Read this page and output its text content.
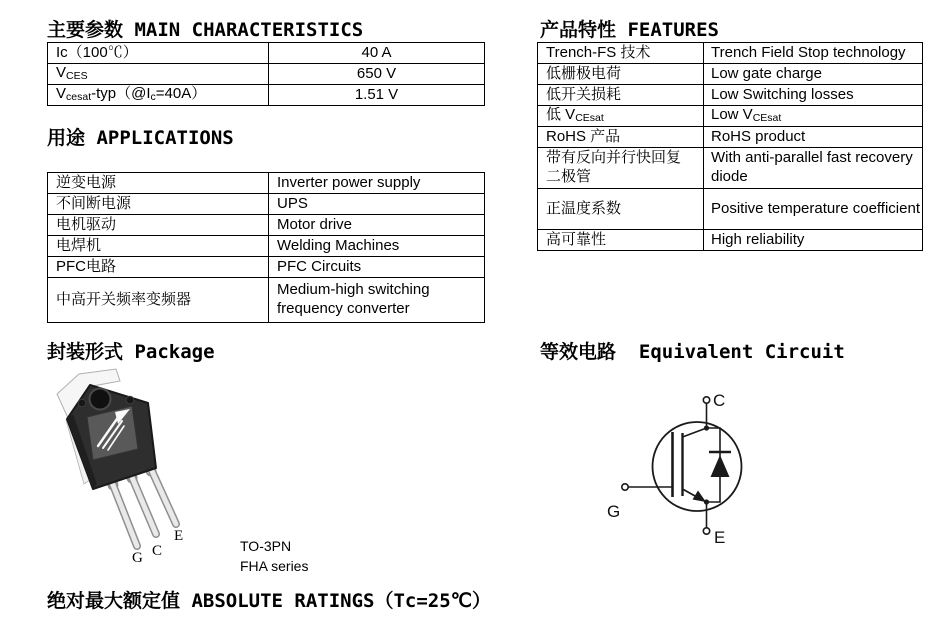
主要参数 MAIN CHARACTERISTICS	产品特性 FEATURES
用途 APPLICATIONS
封装形式 Package	等效电路  Equivalent Circuit
绝对最大额定值 ABSOLUTE RATINGS（Tc=25℃）
Ic（100℃）	40 A
VCES	650 V
Vcesat-typ（@Ic=40A）	1.51 V
Trench-FS 技术	Trench Field Stop technology
低栅极电荷	Low gate charge
低开关损耗	Low Switching losses
低 VCEsat	Low VCEsat
RoHS 产品	RoHS product
带有反向并行快回复二极管	With anti-parallel fast recovery diode
正温度系数	Positive temperature coefficient
高可靠性	High reliability
逆变电源	Inverter power supply
不间断电源	UPS
电机驱动	Motor drive
电焊机	Welding Machines
PFC电路	PFC Circuits
中高开关频率变频器	Medium-high switching frequency converter
G C
E
TO-3PN
FHA series
C
G
E
